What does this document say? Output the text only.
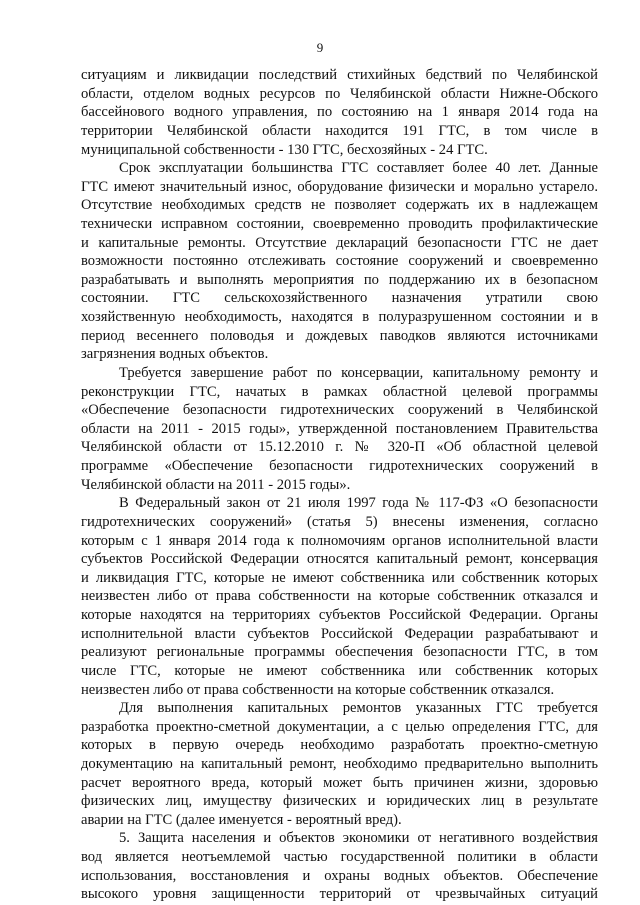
9
ситуациям и ликвидации последствий стихийных бедствий по Челябинской
области, отделом водных ресурсов по Челябинской области Нижне-Обского
бассейнового водного управления, по состоянию на 1 января 2014 года на
территории Челябинской области находится 191 ГТС, в том числе в
муниципальной собственности - 130 ГТС, бесхозяйных - 24 ГТС.
Срок эксплуатации большинства ГТС составляет более 40 лет. Данные
ГТС имеют значительный износ, оборудование физически и морально устарело.
Отсутствие необходимых средств не позволяет содержать их в надлежащем
технически исправном состоянии, своевременно проводить профилактические
и капитальные ремонты. Отсутствие деклараций безопасности ГТС не дает
возможности постоянно отслеживать состояние сооружений и своевременно
разрабатывать и выполнять мероприятия по поддержанию их в безопасном
состоянии. ГТС сельскохозяйственного назначения утратили свою
хозяйственную необходимость, находятся в полуразрушенном состоянии и в
период весеннего половодья и дождевых паводков являются источниками
загрязнения водных объектов.
Требуется завершение работ по консервации, капитальному ремонту и
реконструкции ГТС, начатых в рамках областной целевой программы
«Обеспечение безопасности гидротехнических сооружений в Челябинской
области на 2011 - 2015 годы», утвержденной постановлением Правительства
Челябинской области от 15.12.2010 г. № 320-П «Об областной целевой
программе «Обеспечение безопасности гидротехнических сооружений в
Челябинской области на 2011 - 2015 годы».
В Федеральный закон от 21 июля 1997 года № 117-ФЗ «О безопасности
гидротехнических сооружений» (статья 5) внесены изменения, согласно
которым с 1 января 2014 года к полномочиям органов исполнительной власти
субъектов Российской Федерации относятся капитальный ремонт, консервация
и ликвидация ГТС, которые не имеют собственника или собственник которых
неизвестен либо от права собственности на которые собственник отказался и
которые находятся на территориях субъектов Российской Федерации. Органы
исполнительной власти субъектов Российской Федерации разрабатывают и
реализуют региональные программы обеспечения безопасности ГТС, в том
числе ГТС, которые не имеют собственника или собственник которых
неизвестен либо от права собственности на которые собственник отказался.
Для выполнения капитальных ремонтов указанных ГТС требуется
разработка проектно-сметной документации, а с целью определения ГТС, для
которых в первую очередь необходимо разработать проектно-сметную
документацию на капитальный ремонт, необходимо предварительно выполнить
расчет вероятного вреда, который может быть причинен жизни, здоровью
физических лиц, имуществу физических и юридических лиц в результате
аварии на ГТС (далее именуется - вероятный вред).
5. Защита населения и объектов экономики от негативного воздействия
вод является неотъемлемой частью государственной политики в области
использования, восстановления и охраны водных объектов. Обеспечение
высокого уровня защищенности территорий от чрезвычайных ситуаций
